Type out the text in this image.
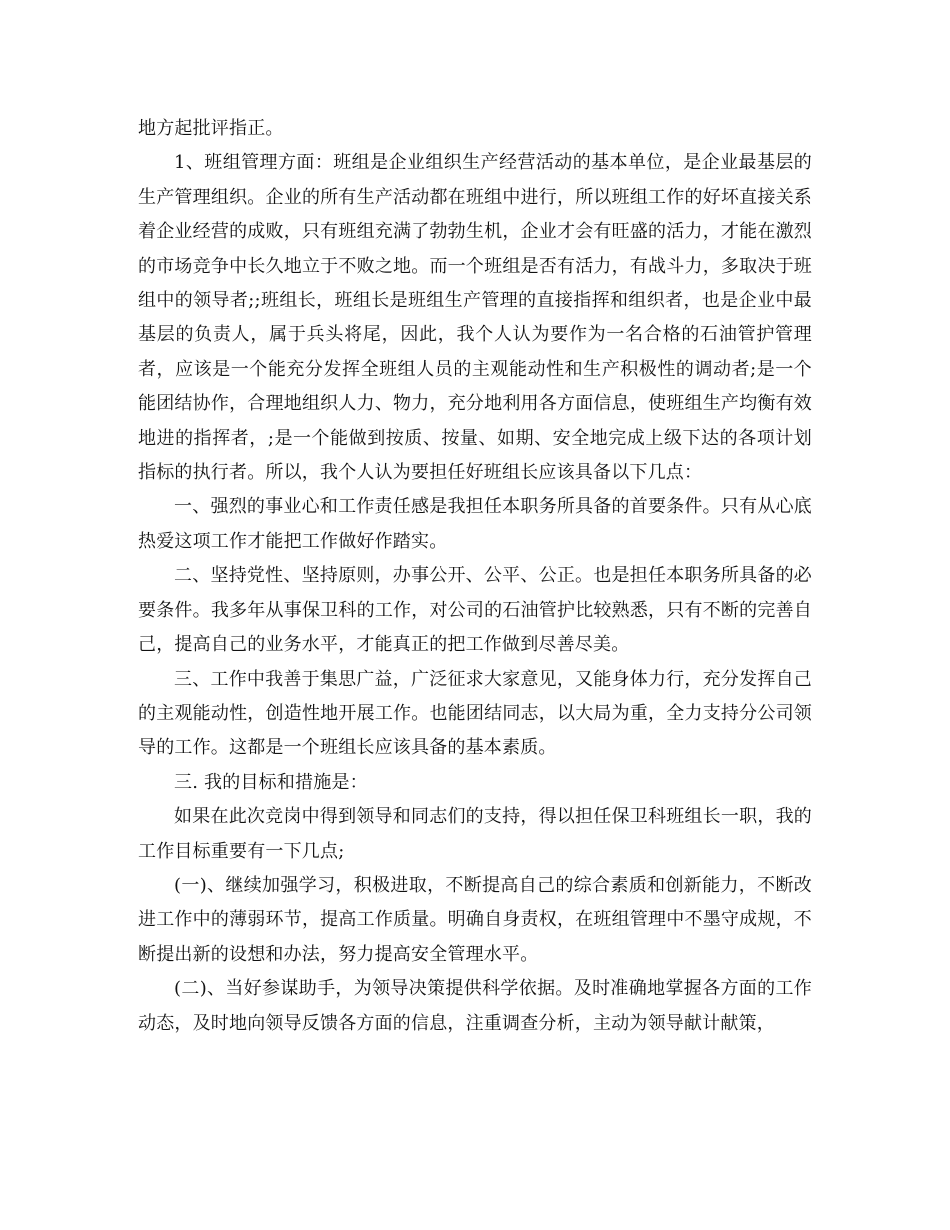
地方起批评指正。

1、班组管理方面：班组是企业组织生产经营活动的基本单位，是企业最基层的生产管理组织。企业的所有生产活动都在班组中进行，所以班组工作的好坏直接关系着企业经营的成败，只有班组充满了勃勃生机，企业才会有旺盛的活力，才能在激烈的市场竞争中长久地立于不败之地。而一个班组是否有活力，有战斗力，多取决于班组中的领导者;;班组长，班组长是班组生产管理的直接指挥和组织者，也是企业中最基层的负责人，属于兵头将尾，因此，我个人认为要作为一名合格的石油管护管理者，应该是一个能充分发挥全班组人员的主观能动性和生产积极性的调动者;是一个能团结协作，合理地组织人力、物力，充分地利用各方面信息，使班组生产均衡有效地进的指挥者，;是一个能做到按质、按量、如期、安全地完成上级下达的各项计划指标的执行者。所以，我个人认为要担任好班组长应该具备以下几点：

一、强烈的事业心和工作责任感是我担任本职务所具备的首要条件。只有从心底热爱这项工作才能把工作做好作踏实。

二、坚持党性、坚持原则，办事公开、公平、公正。也是担任本职务所具备的必要条件。我多年从事保卫科的工作，对公司的石油管护比较熟悉，只有不断的完善自己，提高自己的业务水平，才能真正的把工作做到尽善尽美。

三、工作中我善于集思广益，广泛征求大家意见，又能身体力行，充分发挥自己的主观能动性，创造性地开展工作。也能团结同志，以大局为重，全力支持分公司领导的工作。这都是一个班组长应该具备的基本素质。

三. 我的目标和措施是：

如果在此次竞岗中得到领导和同志们的支持，得以担任保卫科班组长一职，我的工作目标重要有一下几点;

(一)、继续加强学习，积极进取，不断提高自己的综合素质和创新能力，不断改进工作中的薄弱环节，提高工作质量。明确自身责权，在班组管理中不墨守成规，不断提出新的设想和办法，努力提高安全管理水平。

(二)、当好参谋助手，为领导决策提供科学依据。及时准确地掌握各方面的工作动态，及时地向领导反馈各方面的信息，注重调查分析，主动为领导献计献策，
